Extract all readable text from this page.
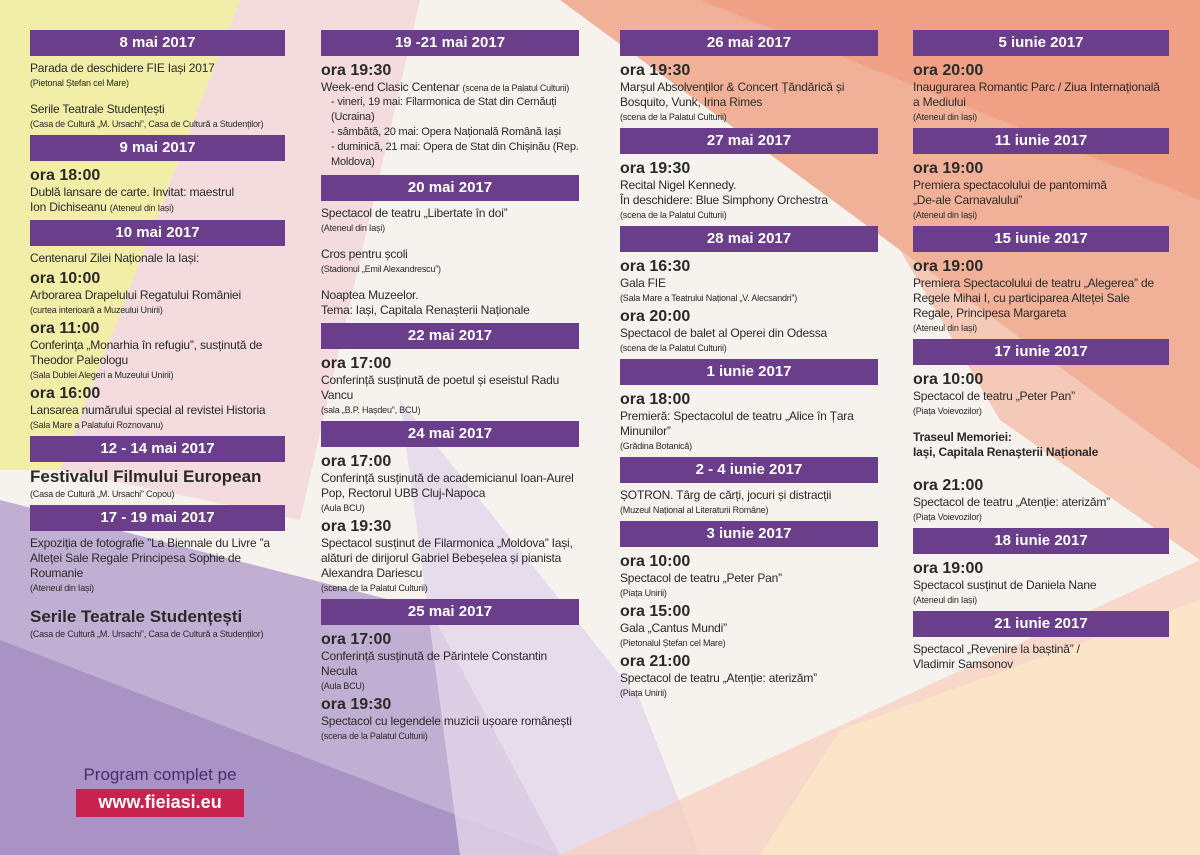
8 mai 2017
Parada de deschidere FIE Iași 2017
(Pietonal Ștefan cel Mare)
Serile Teatrale Studențești
(Casa de Cultură „M. Ursachi”, Casa de Cultură a Studenților)
9 mai 2017
ora 18:00
Dublă lansare de carte. Invitat: maestrul
Ion Dichiseanu (Ateneul din Iași)
10 mai 2017
Centenarul Zilei Naționale la Iași:
ora 10:00
Arborarea Drapelului Regatului României
(curtea interioară a Muzeului Unirii)
ora 11:00
Conferința „Monarhia în refugiu”, susținută de Theodor Paleologu
(Sala Dublei Alegeri a Muzeului Unirii)
ora 16:00
Lansarea numărului special al revistei Historia
(Sala Mare a Palatului Roznovanu)
12 - 14 mai 2017
Festivalul Filmului European
(Casa de Cultură „M. Ursachi” Copou)
17 - 19 mai 2017
Expoziția de fotografie ”La Biennale du Livre ”a Alteței Sale Regale Principesa Sophie de Roumanie
(Ateneul din Iași)
Serile Teatrale Studențești
(Casa de Cultură „M. Ursachi”, Casa de Cultură a Studenților)
19 -21 mai 2017
ora 19:30
Week-end Clasic Centenar (scena de la Palatul Culturii)
- vineri, 19 mai: Filarmonica de Stat din Cernăuți (Ucraina)
- sâmbătă, 20 mai: Opera Națională Română Iași
- duminică, 21 mai: Opera de Stat din Chișinău (Rep. Moldova)
20 mai 2017
Spectacol de teatru „Libertate în doi”
(Ateneul din Iași)
Cros pentru școli
(Stadionul „Emil Alexandrescu”)
Noaptea Muzeelor.
Tema: Iași, Capitala Renașterii Naționale
22 mai 2017
ora 17:00
Conferință susținută de poetul și eseistul Radu Vancu
(sala „B.P. Hașdeu”, BCU)
24 mai 2017
ora 17:00
Conferință susținută de academicianul Ioan-Aurel Pop, Rectorul UBB Cluj-Napoca
(Aula BCU)
ora 19:30
Spectacol susținut de Filarmonica „Moldova” Iași, alături de dirijorul Gabriel Bebeșelea și pianista Alexandra Dariescu
(scena de la Palatul Culturii)
25 mai 2017
ora 17:00
Conferință susținută de Părintele Constantin Necula
(Aula BCU)
ora 19:30
Spectacol cu legendele muzicii ușoare românești
(scena de la Palatul Culturii)
26 mai 2017
ora 19:30
Marșul Absolvenților & Concert Țăndărică și Bosquito, Vunk, Irina Rimes
(scena de la Palatul Culturii)
27 mai 2017
ora 19:30
Recital Nigel Kennedy.
În deschidere: Blue Simphony Orchestra
(scena de la Palatul Culturii)
28 mai 2017
ora 16:30
Gala FIE
(Sala Mare a Teatrului Național „V. Alecsandri”)
ora 20:00
Spectacol de balet al Operei din Odessa
(scena de la Palatul Culturii)
1 iunie 2017
ora 18:00
Premieră: Spectacolul de teatru „Alice în Țara Minunilor”
(Grădina Botanică)
2 - 4 iunie 2017
ȘOTRON. Târg de cărți, jocuri și distracții
(Muzeul Național al Literaturii Române)
3 iunie 2017
ora 10:00
Spectacol de teatru „Peter Pan”
(Piața Unirii)
ora 15:00
Gala „Cantus Mundi”
(Pietonalul Ștefan cel Mare)
ora 21:00
Spectacol de teatru „Atenție: aterizăm”
(Piața Unirii)
5 iunie 2017
ora 20:00
Inaugurarea Romantic Parc / Ziua Internațională a Mediului
(Ateneul din Iași)
11 iunie 2017
ora 19:00
Premiera spectacolului de pantomimă
„De-ale Carnavalului”
(Ateneul din Iași)
15 iunie 2017
ora 19:00
Premiera Spectacolului de teatru „Alegerea” de Regele Mihai I, cu participarea Alteței Sale Regale, Principesa Margareta
(Ateneul din Iași)
17 iunie 2017
ora 10:00
Spectacol de teatru „Peter Pan”
(Piața Voievozilor)
Traseul Memoriei:
Iași, Capitala Renașterii Naționale
ora 21:00
Spectacol de teatru „Atenție: aterizăm”
(Piața Voievozilor)
18 iunie 2017
ora 19:00
Spectacol susținut de Daniela Nane
(Ateneul din Iași)
21 iunie 2017
Spectacol „Revenire la baștină” /
Vladimir Samsonov
Program complet pe
www.fieiasi.eu
